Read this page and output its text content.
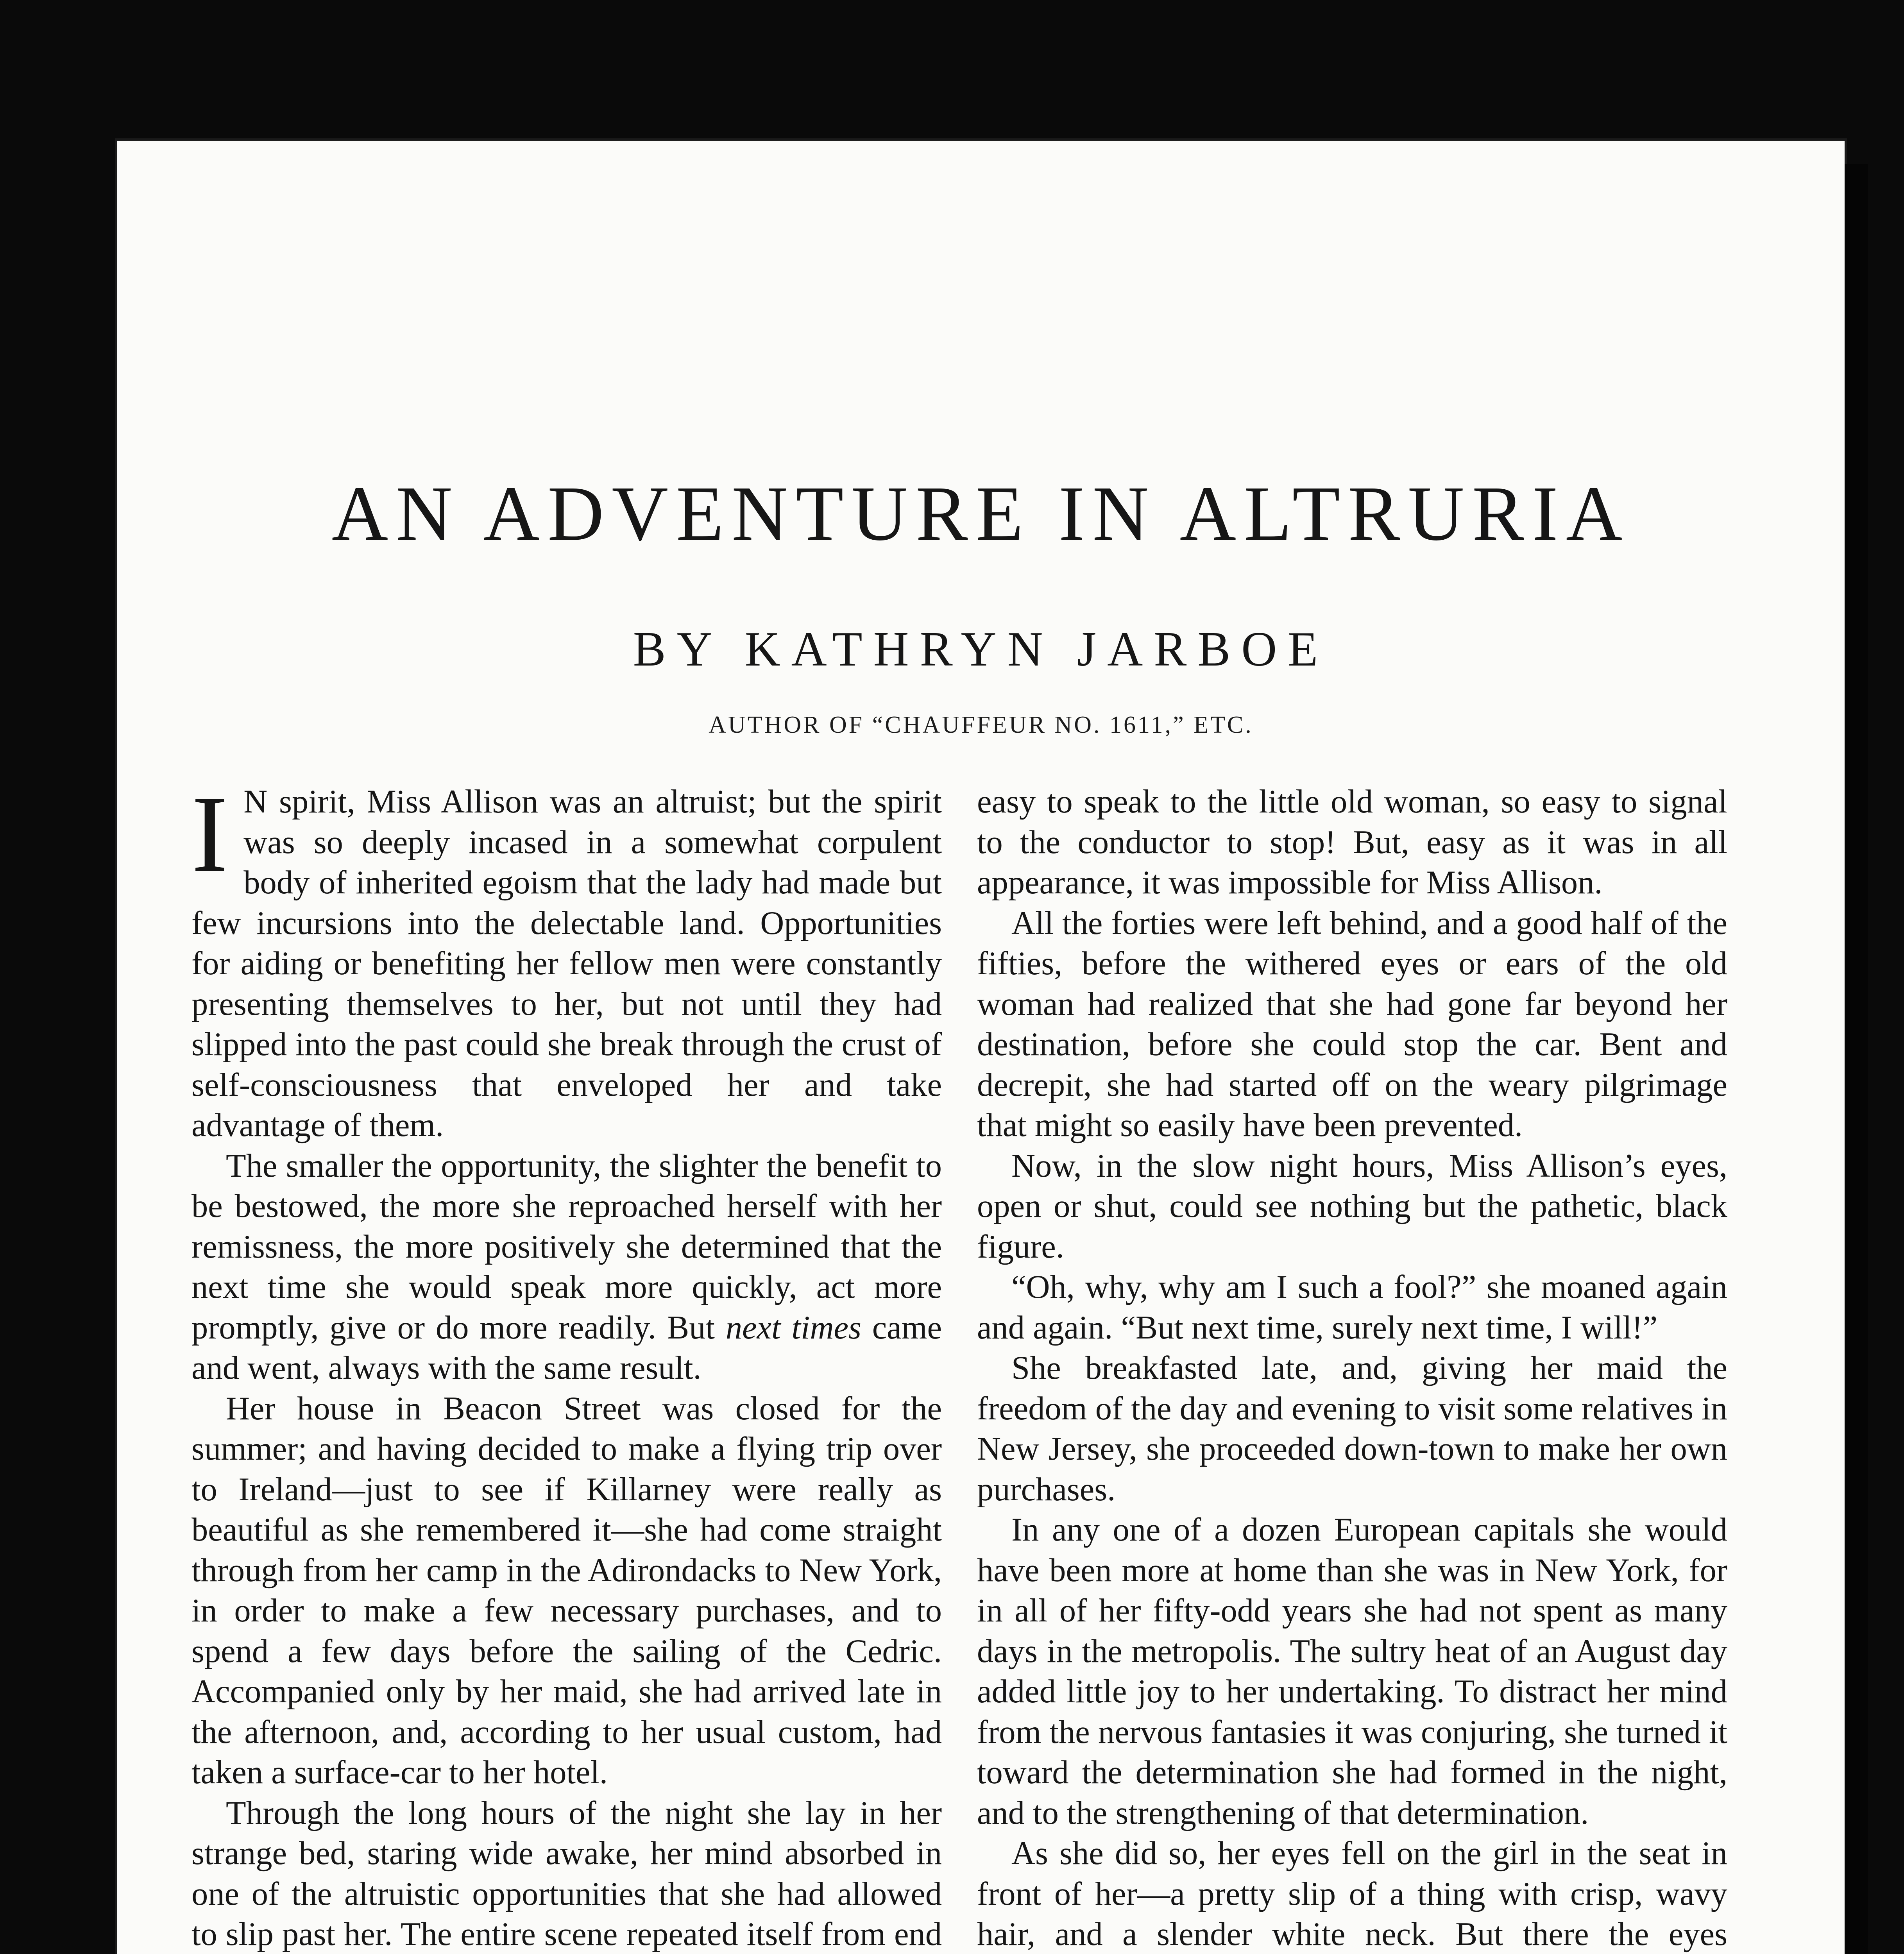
AN ADVENTURE IN ALTRURIA
BY KATHRYN JARBOE
AUTHOR OF “CHAUFFEUR NO. 1611,” ETC.

I N spirit, Miss Allison was an altruist; but the spirit was so deeply incased in a somewhat corpulent body of inherited egoism that the lady had made but few incursions into the delectable land. Opportunities for aiding or benefiting her fellow men were constantly presenting themselves to her, but not until they had slipped into the past could she break through the crust of self-consciousness that enveloped her and take advantage of them.

The smaller the opportunity, the slighter the benefit to be bestowed, the more she reproached herself with her remissness, the more positively she determined that the next time she would speak more quickly, act more promptly, give or do more readily. But next times came and went, always with the same result.

Her house in Beacon Street was closed for the summer; and having decided to make a flying trip over to Ireland—just to see if Killarney were really as beautiful as she remembered it—she had come straight through from her camp in the Adirondacks to New York, in order to make a few necessary purchases, and to spend a few days before the sailing of the Cedric. Accompanied only by her maid, she had arrived late in the afternoon, and, according to her usual custom, had taken a surface-car to her hotel.

Through the long hours of the night she lay in her strange bed, staring wide awake, her mind absorbed in one of the altruistic opportunities that she had allowed to slip past her. The entire scene repeated itself from end

easy to speak to the little old woman, so easy to signal to the conductor to stop! But, easy as it was in all appearance, it was impossible for Miss Allison.

All the forties were left behind, and a good half of the fifties, before the withered eyes or ears of the old woman had realized that she had gone far beyond her destination, before she could stop the car. Bent and decrepit, she had started off on the weary pilgrimage that might so easily have been prevented.

Now, in the slow night hours, Miss Allison’s eyes, open or shut, could see nothing but the pathetic, black figure.

“Oh, why, why am I such a fool?” she moaned again and again. “But next time, surely next time, I will!”

She breakfasted late, and, giving her maid the freedom of the day and evening to visit some relatives in New Jersey, she proceeded down-town to make her own purchases.

In any one of a dozen European capitals she would have been more at home than she was in New York, for in all of her fifty-odd years she had not spent as many days in the metropolis. The sultry heat of an August day added little joy to her undertaking. To distract her mind from the nervous fantasies it was conjuring, she turned it toward the determination she had formed in the night, and to the strengthening of that determination.

As she did so, her eyes fell on the girl in the seat in front of her—a pretty slip of a thing with crisp, wavy hair, and a slender white neck. But there the eyes
